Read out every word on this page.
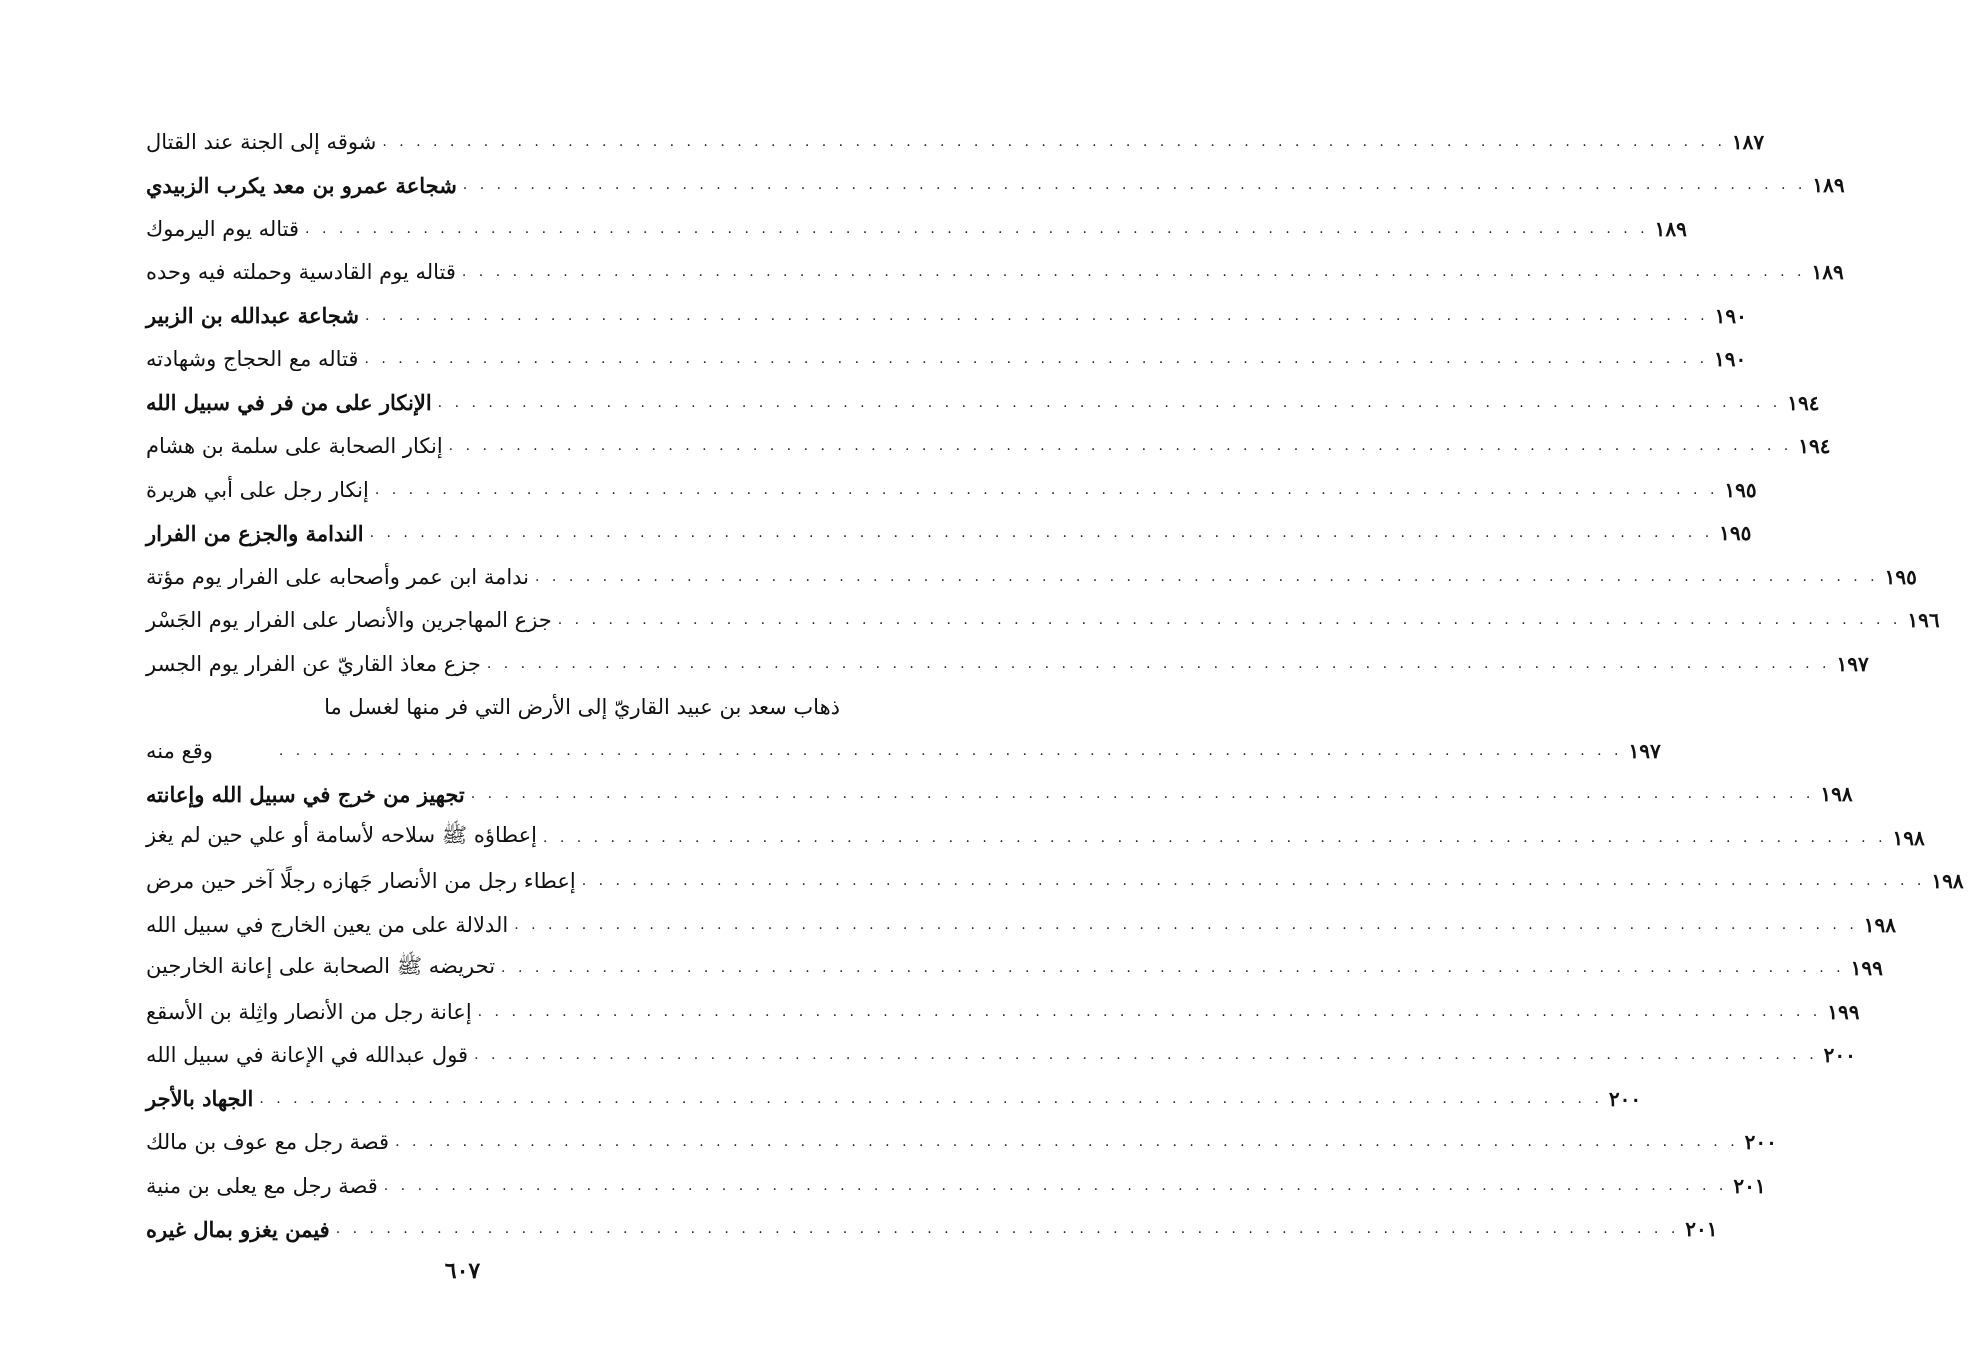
شوقه إلى الجنة عند القتال . . . . . . . . . . . . . . . . . . . . . . . . . . . . . . . . . . . . . . . . . . . . . . . . . . . . . . . . . . . . . . . . . . . . . . . . . . . . . . . . ١٨٧
شجاعة عمرو بن معد يكرب الزبيدي . . . . . . . . . . . . . . . . . . . . . . . . . . . . . . . . . . . . . . . . . . . . . . . . . . . . . . . . . . . . . . . . . . . . . . . . . . . . . . . . ١٨٩
قتاله يوم اليرموك . . . . . . . . . . . . . . . . . . . . . . . . . . . . . . . . . . . . . . . . . . . . . . . . . . . . . . . . . . . . . . . . . . . . . . . . . . . . . . . . ١٨٩
قتاله يوم القادسية وحملته فيه وحده . . . . . . . . . . . . . . . . . . . . . . . . . . . . . . . . . . . . . . . . . . . . . . . . . . . . . . . . . . . . . . . . . . . . . . . . . . . . . . . . ١٨٩
شجاعة عبدالله بن الزبير . . . . . . . . . . . . . . . . . . . . . . . . . . . . . . . . . . . . . . . . . . . . . . . . . . . . . . . . . . . . . . . . . . . . . . . . . . . . . . . . ١٩٠
قتاله مع الحجاج وشهادته . . . . . . . . . . . . . . . . . . . . . . . . . . . . . . . . . . . . . . . . . . . . . . . . . . . . . . . . . . . . . . . . . . . . . . . . . . . . . . . . ١٩٠
الإنكار على من فر في سبيل الله . . . . . . . . . . . . . . . . . . . . . . . . . . . . . . . . . . . . . . . . . . . . . . . . . . . . . . . . . . . . . . . . . . . . . . . . . . . . . . . . ١٩٤
إنكار الصحابة على سلمة بن هشام . . . . . . . . . . . . . . . . . . . . . . . . . . . . . . . . . . . . . . . . . . . . . . . . . . . . . . . . . . . . . . . . . . . . . . . . . . . . . . . . ١٩٤
إنكار رجل على أبي هريرة . . . . . . . . . . . . . . . . . . . . . . . . . . . . . . . . . . . . . . . . . . . . . . . . . . . . . . . . . . . . . . . . . . . . . . . . . . . . . . . . ١٩٥
الندامة والجزع من الفرار . . . . . . . . . . . . . . . . . . . . . . . . . . . . . . . . . . . . . . . . . . . . . . . . . . . . . . . . . . . . . . . . . . . . . . . . . . . . . . . . ١٩٥
ندامة ابن عمر وأصحابه على الفرار يوم مؤتة . . . . . . . . . . . . . . . . . . . . . . . . . . . . . . . . . . . . . . . . . . . . . . . . . . . . . . . . . . . . . . . . . . . . . . . . . . . . . . . . ١٩٥
جزع المهاجرين والأنصار على الفرار يوم الجَسْر . . . . . . . . . . . . . . . . . . . . . . . . . . . . . . . . . . . . . . . . . . . . . . . . . . . . . . . . . . . . . . . . . . . . . . . . . . . . . . . . ١٩٦
جزع معاذ القاريّ عن الفرار يوم الجسر . . . . . . . . . . . . . . . . . . . . . . . . . . . . . . . . . . . . . . . . . . . . . . . . . . . . . . . . . . . . . . . . . . . . . . . . . . . . . . . . ١٩٧
ذهاب سعد بن عبيد القاريّ إلى الأرض التي فر منها لغسل ما
وقع منه	. . . . . . . . . . . . . . . . . . . . . . . . . . . . . . . . . . . . . . . . . . . . . . . . . . . . . . . . . . . . . . . . . . . . . . . . . . . . . . . . ١٩٧
تجهيز من خرج في سبيل الله وإعانته . . . . . . . . . . . . . . . . . . . . . . . . . . . . . . . . . . . . . . . . . . . . . . . . . . . . . . . . . . . . . . . . . . . . . . . . . . . . . . . . ١٩٨
إعطاؤه ﷺ سلاحه لأسامة أو علي حين لم يغز . . . . . . . . . . . . . . . . . . . . . . . . . . . . . . . . . . . . . . . . . . . . . . . . . . . . . . . . . . . . . . . . . . . . . . . . . . . . . . . . ١٩٨
إعطاء رجل من الأنصار جَهازه رجلًا آخر حين مرض . . . . . . . . . . . . . . . . . . . . . . . . . . . . . . . . . . . . . . . . . . . . . . . . . . . . . . . . . . . . . . . . . . . . . . . . . . . . . . . . ١٩٨
الدلالة على من يعين الخارج في سبيل الله . . . . . . . . . . . . . . . . . . . . . . . . . . . . . . . . . . . . . . . . . . . . . . . . . . . . . . . . . . . . . . . . . . . . . . . . . . . . . . . . ١٩٨
تحريضه ﷺ الصحابة على إعانة الخارجين . . . . . . . . . . . . . . . . . . . . . . . . . . . . . . . . . . . . . . . . . . . . . . . . . . . . . . . . . . . . . . . . . . . . . . . . . . . . . . . . ١٩٩
إعانة رجل من الأنصار واثِلة بن الأسقع . . . . . . . . . . . . . . . . . . . . . . . . . . . . . . . . . . . . . . . . . . . . . . . . . . . . . . . . . . . . . . . . . . . . . . . . . . . . . . . . ١٩٩
قول عبدالله في الإعانة في سبيل الله . . . . . . . . . . . . . . . . . . . . . . . . . . . . . . . . . . . . . . . . . . . . . . . . . . . . . . . . . . . . . . . . . . . . . . . . . . . . . . . . ٢٠٠
الجهاد بالأجر . . . . . . . . . . . . . . . . . . . . . . . . . . . . . . . . . . . . . . . . . . . . . . . . . . . . . . . . . . . . . . . . . . . . . . . . . . . . . . . . ٢٠٠
قصة رجل مع عوف بن مالك . . . . . . . . . . . . . . . . . . . . . . . . . . . . . . . . . . . . . . . . . . . . . . . . . . . . . . . . . . . . . . . . . . . . . . . . . . . . . . . . ٢٠٠
قصة رجل مع يعلى بن منية . . . . . . . . . . . . . . . . . . . . . . . . . . . . . . . . . . . . . . . . . . . . . . . . . . . . . . . . . . . . . . . . . . . . . . . . . . . . . . . . ٢٠١
فيمن يغزو بمال غيره . . . . . . . . . . . . . . . . . . . . . . . . . . . . . . . . . . . . . . . . . . . . . . . . . . . . . . . . . . . . . . . . . . . . . . . . . . . . . . . . ٢٠١
٦٠٧
